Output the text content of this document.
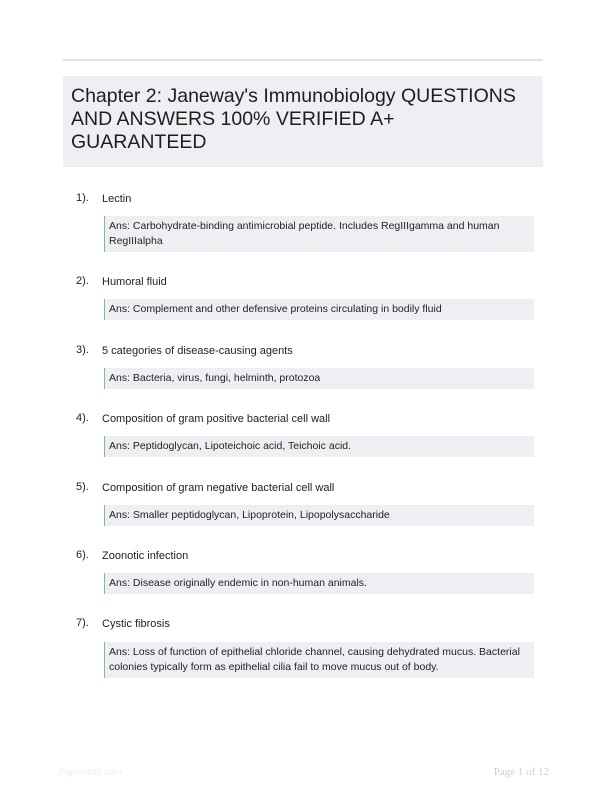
Chapter 2: Janeway's Immunobiology QUESTIONS AND ANSWERS 100% VERIFIED A+ GUARANTEED
1). Lectin
Ans: Carbohydrate-binding antimicrobial peptide. Includes RegIIIgamma and human RegIIIalpha
2). Humoral fluid
Ans: Complement and other defensive proteins circulating in bodily fluid
3). 5 categories of disease-causing agents
Ans: Bacteria, virus, fungi, helminth, protozoa
4). Composition of gram positive bacterial cell wall
Ans: Peptidoglycan, Lipoteichoic acid, Teichoic acid.
5). Composition of gram negative bacterial cell wall
Ans: Smaller peptidoglycan, Lipoprotein, Lipopolysaccharide
6). Zoonotic infection
Ans: Disease originally endemic in non-human animals.
7). Cystic fibrosis
Ans: Loss of function of epithelial chloride channel, causing dehydrated mucus. Bacterial colonies typically form as epithelial cilia fail to move mucus out of body.
Papertibic.com	Page 1 of 12
